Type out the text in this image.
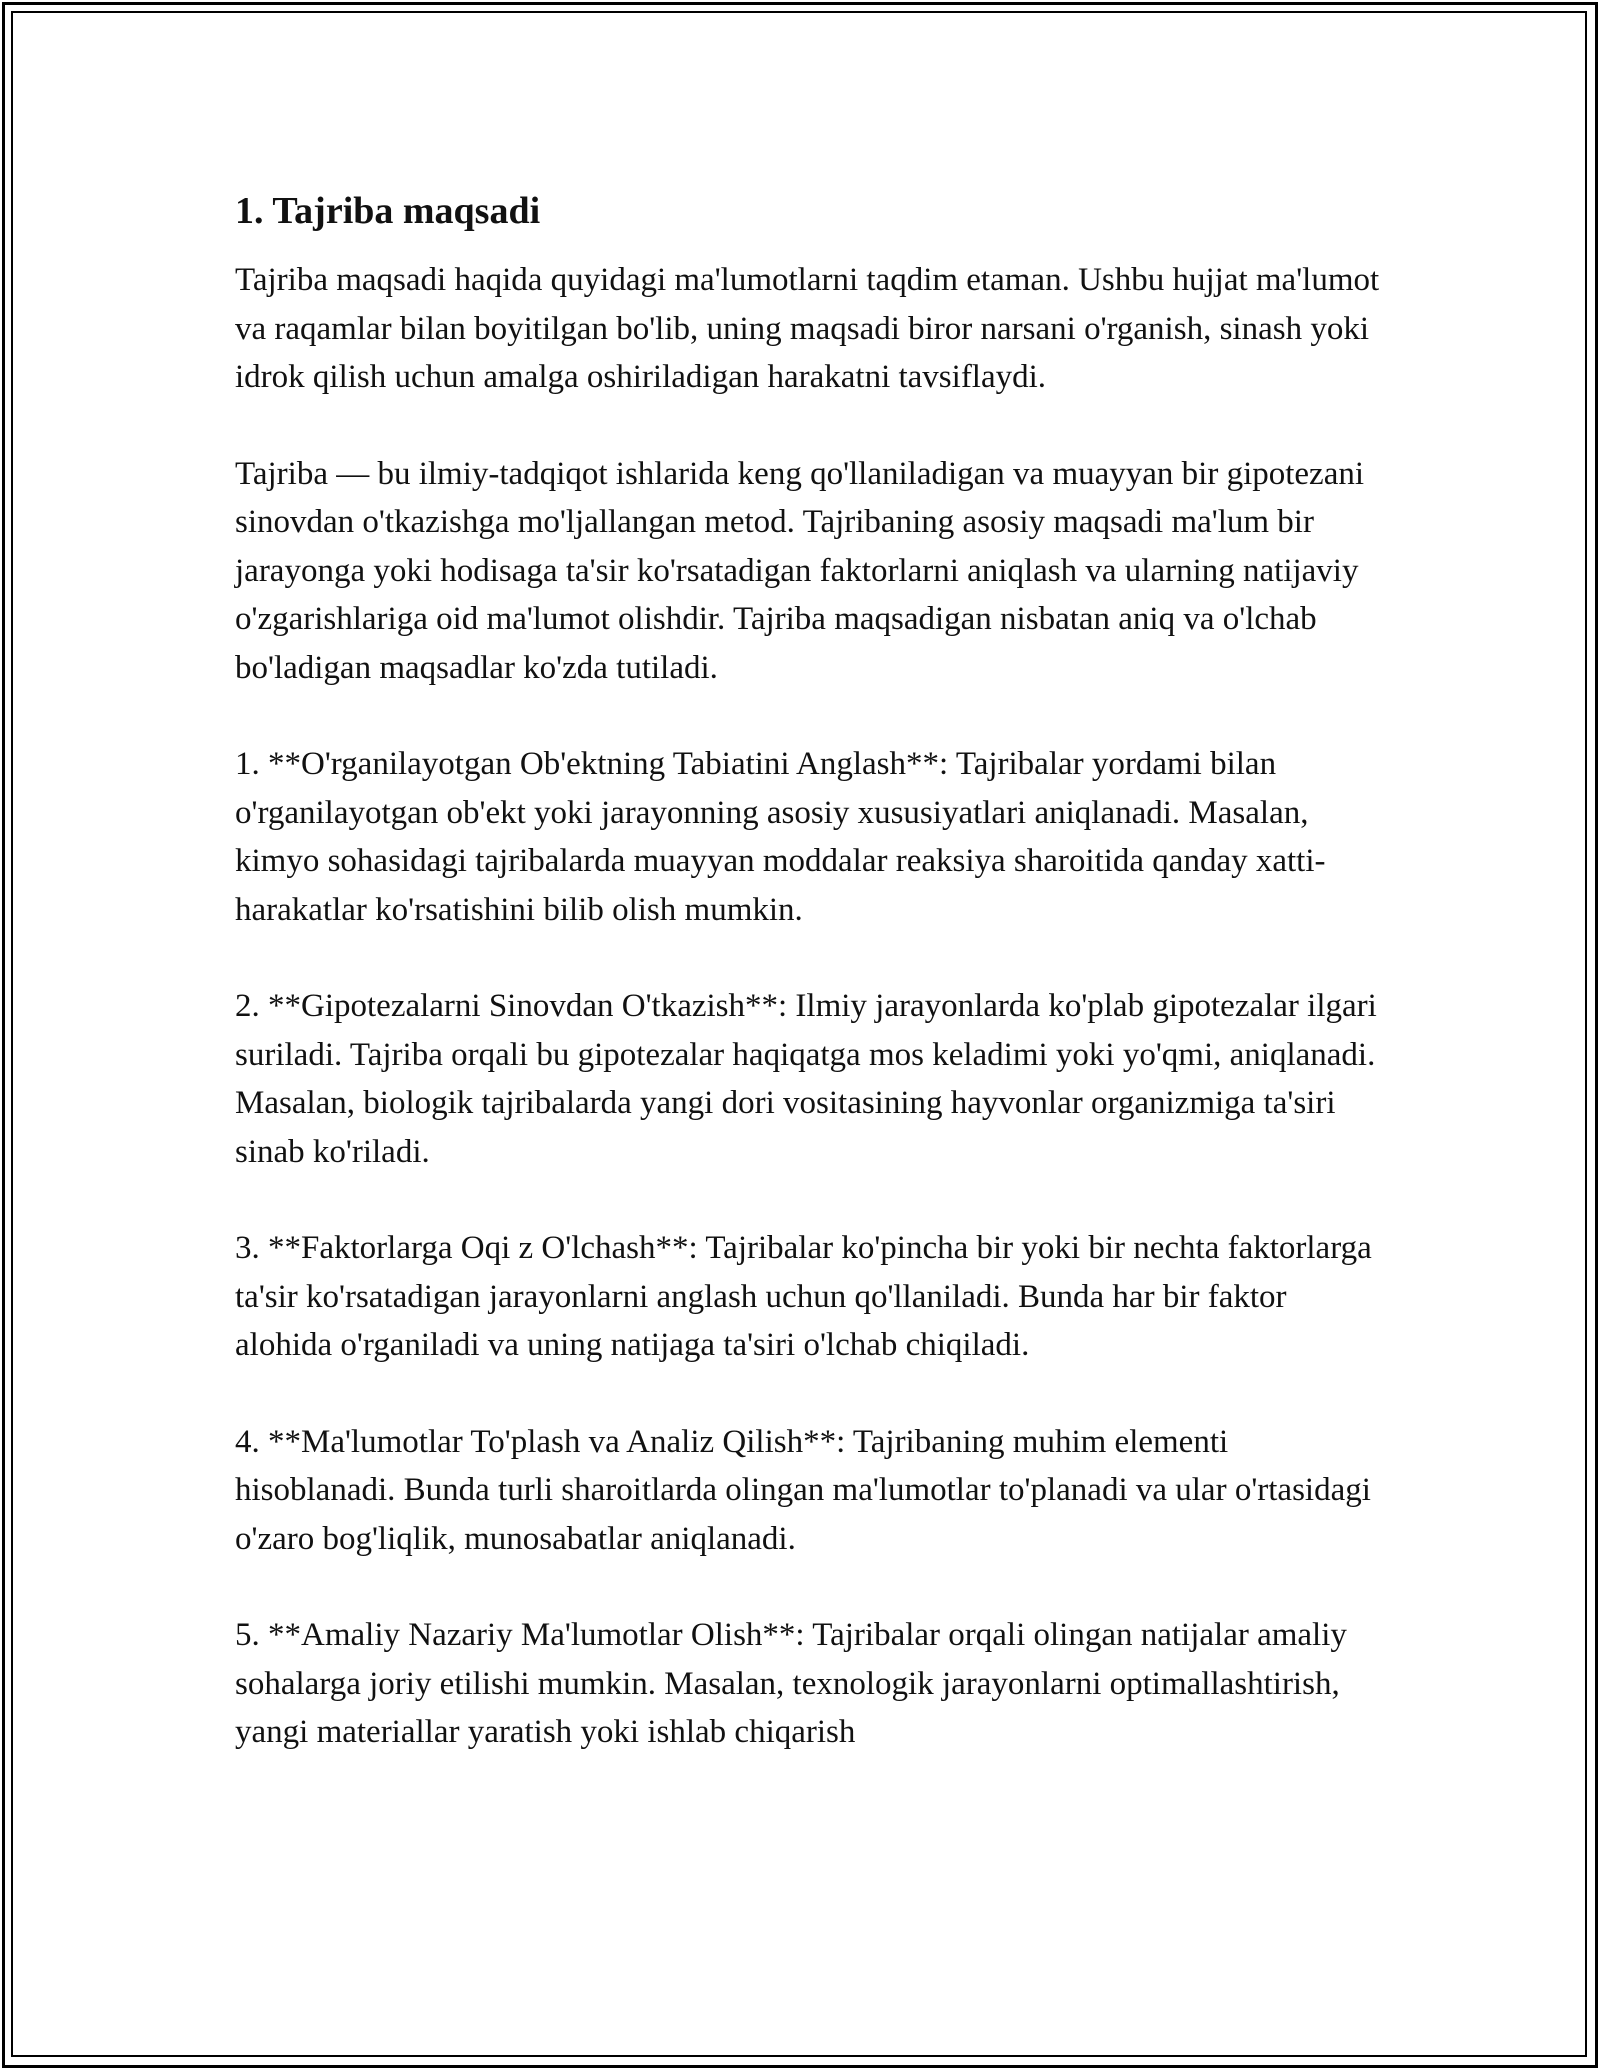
1. Tajriba maqsadi

Tajriba maqsadi haqida quyidagi ma'lumotlarni taqdim etaman. Ushbu hujjat ma'lumot va raqamlar bilan boyitilgan bo'lib, uning maqsadi biror narsani o'rganish, sinash yoki idrok qilish uchun amalga oshiriladigan harakatni tavsiflaydi.

Tajriba — bu ilmiy-tadqiqot ishlarida keng qo'llaniladigan va muayyan bir gipotezani sinovdan o'tkazishga mo'ljallangan metod. Tajribaning asosiy maqsadi ma'lum bir jarayonga yoki hodisaga ta'sir ko'rsatadigan faktorlarni aniqlash va ularning natijaviy o'zgarishlariga oid ma'lumot olishdir. Tajriba maqsadigan nisbatan aniq va o'lchab bo'ladigan maqsadlar ko'zda tutiladi.

1. **O'rganilayotgan Ob'ektning Tabiatini Anglash**: Tajribalar yordami bilan o'rganilayotgan ob'ekt yoki jarayonning asosiy xususiyatlari aniqlanadi. Masalan, kimyo sohasidagi tajribalarda muayyan moddalar reaksiya sharoitida qanday xatti-harakatlar ko'rsatishini bilib olish mumkin.

2. **Gipotezalarni Sinovdan O'tkazish**: Ilmiy jarayonlarda ko'plab gipotezalar ilgari suriladi. Tajriba orqali bu gipotezalar haqiqatga mos keladimi yoki yo'qmi, aniqlanadi. Masalan, biologik tajribalarda yangi dori vositasining hayvonlar organizmiga ta'siri sinab ko'riladi.

3. **Faktorlarga Oqi z O'lchash**: Tajribalar ko'pincha bir yoki bir nechta faktorlarga ta'sir ko'rsatadigan jarayonlarni anglash uchun qo'llaniladi. Bunda har bir faktor alohida o'rganiladi va uning natijaga ta'siri o'lchab chiqiladi.

4. **Ma'lumotlar To'plash va Analiz Qilish**: Tajribaning muhim elementi hisoblanadi. Bunda turli sharoitlarda olingan ma'lumotlar to'planadi va ular o'rtasidagi o'zaro bog'liqlik, munosabatlar aniqlanadi.

5. **Amaliy Nazariy Ma'lumotlar Olish**: Tajribalar orqali olingan natijalar amaliy sohalarga joriy etilishi mumkin. Masalan, texnologik jarayonlarni optimallashtirish, yangi materiallar yaratish yoki ishlab chiqarish
